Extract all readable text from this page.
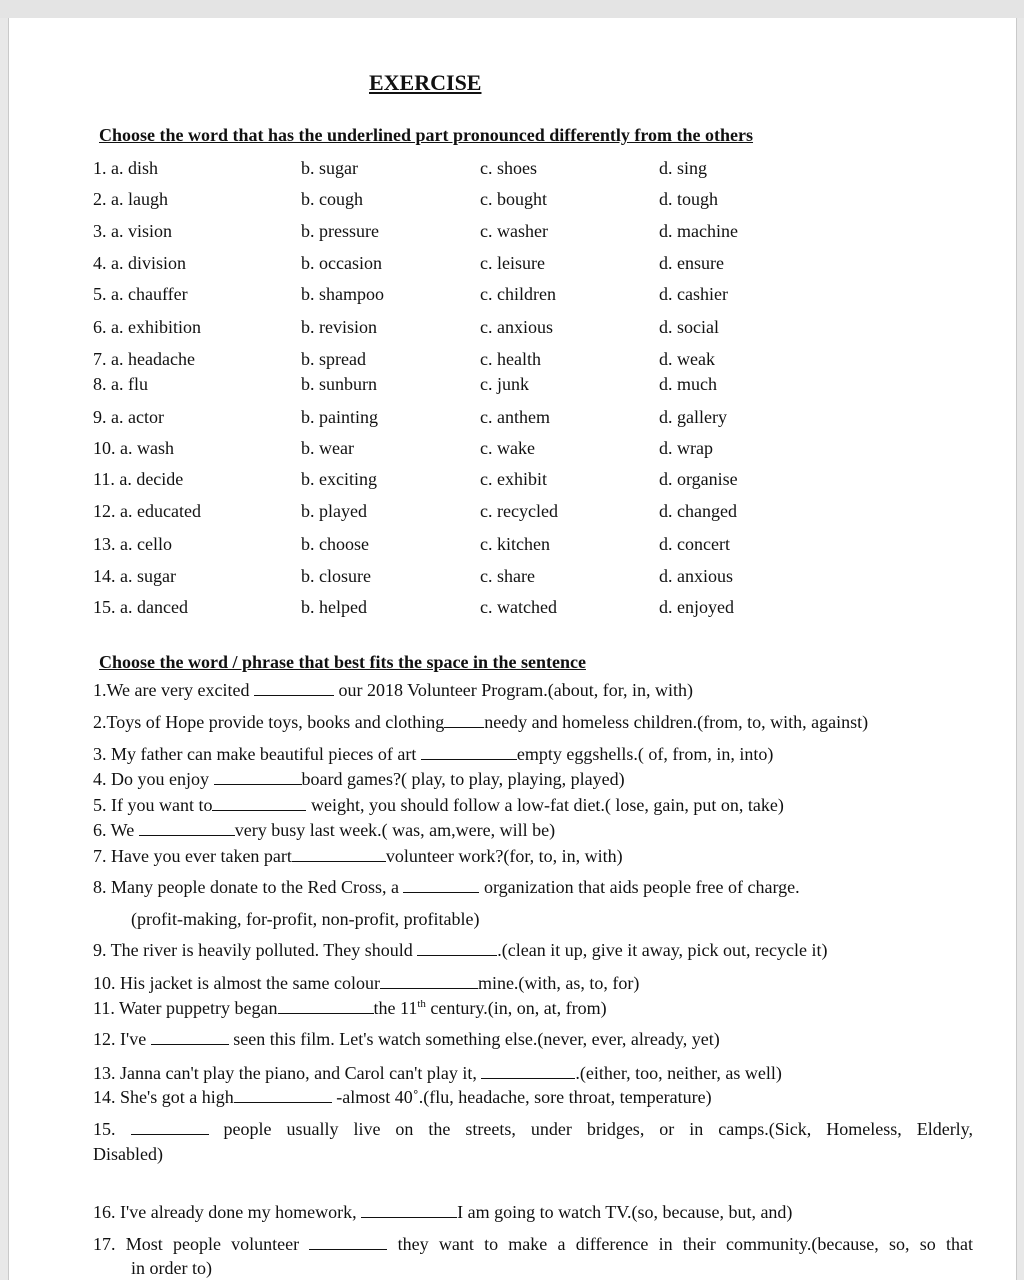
EXERCISE
Choose the word that has the underlined part pronounced differently from the others
1. a. dish	b. sugar	c. shoes	d. sing
2. a. laugh	b. cough	c. bought	d. tough
3. a. vision	b. pressure	c. washer	d. machine
4. a. division	b. occasion	c. leisure	d. ensure
5. a. chauffer	b. shampoo	c. children	d. cashier
6. a. exhibition	b. revision	c. anxious	d. social
7. a. headache	b. spread	c. health	d. weak
8. a. flu	b. sunburn	c. junk	d. much
9. a. actor	b. painting	c. anthem	d. gallery
10. a. wash	b. wear	c. wake	d. wrap
11. a. decide	b. exciting	c. exhibit	d. organise
12. a. educated	b. played	c. recycled	d. changed
13. a. cello	b. choose	c. kitchen	d. concert
14. a. sugar	b. closure	c. share	d. anxious
15. a. danced	b. helped	c. watched	d. enjoyed
Choose the word / phrase that best fits the space in the sentence
1.We are very excited	our 2018 Volunteer Program.(about, for, in, with)
2.Toys of Hope provide toys, books and clothing needy and homeless children.(from, to, with, against)
3. My father can make beautiful pieces of art	empty eggshells.( of, from, in, into)
4. Do you enjoy	board games?( play, to play, playing, played)
5. If you want to	weight, you should follow a low-fat diet.( lose, gain, put on, take)
6. We	very busy last week.( was, am,were, will be)
7. Have you ever taken part	volunteer work?(for, to, in, with)
8. Many people donate to the Red Cross, a	organization that aids people free of charge.
(profit-making, for-profit, non-profit, profitable)
9. The river is heavily polluted. They should	.(clean it up, give it away, pick out, recycle it)
10. His jacket is almost the same colour	mine.(with, as, to, for)
11. Water puppetry began	the 11th century.(in, on, at, from)
12. I've	seen this film. Let's watch something else.(never, ever, already, yet)
13. Janna can't play the piano, and Carol can't play it,	.(either, too, neither, as well)
14. She's got a high	-almost 40˚.(flu, headache, sore throat, temperature)
15.	people usually live on the streets, under bridges, or in camps.(Sick, Homeless, Elderly,
Disabled)
16. I've already done my homework,	I am going to watch TV.(so, because, but, and)
17. Most people volunteer	they want to make a difference in their community.(because, so, so that
in order to)
